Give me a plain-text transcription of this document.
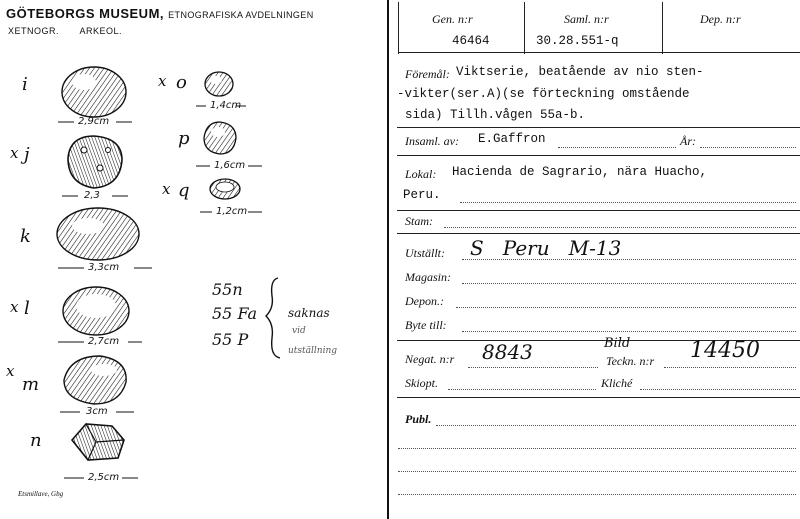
GÖTEBORGS MUSEUM, ETNOGRAFISKA AVDELNINGEN
XETNOGR. ARKEOL.
i
x j
k
x l
x
m
n
x o
p
x q
2,9cm
2,3
3,3cm
2,7cm
3cm
2,5cm
1,4cm
1,6cm
1,2cm
55n
55 Fa
55 P
saknas
vid
utställning
Etsmillave, Gbg
Gen. n:r	Saml. n:r	Dep. n:r
46464	30.28.551-q
Föremål: Viktserie, beatående av nio sten-
-vikter(ser.A)(se förteckning omstående
sida) Tillh.vågen 55a-b.
Insaml. av: E.Gaffron	År:
Lokal: Hacienda de Sagrario, nära Huacho,
Peru.
Stam:
Utställt: S   Peru   M-13
Magasin:
Depon.:
Byte till:
Negat. n:r 8843	Bild
Teckn. n:r 14450
Skiopt.	Kliché
Publ.
